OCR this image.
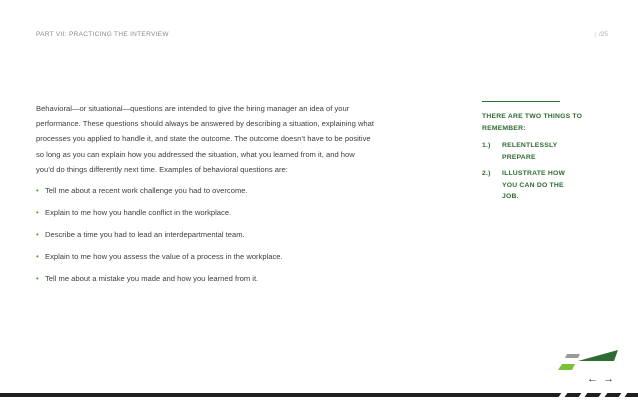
PART VII: PRACTICING THE INTERVIEW	| /25

Behavioral—or situational—questions are intended to give the hiring manager an idea of your performance. These questions should always be answered by describing a situation, explaining what processes you applied to handle it, and state the outcome. The outcome doesn’t have to be positive so long as you can explain how you addressed the situation, what you learned from it, and how you’d do things differently next time. Examples of behavioral questions are:

• Tell me about a recent work challenge you had to overcome.
• Explain to me how you handle conflict in the workplace.
• Describe a time you had to lead an interdepartmental team.
• Explain to me how you assess the value of a process in the workplace.
• Tell me about a mistake you made and how you learned from it.
THERE ARE TWO THINGS TO REMEMBER:
1.)	RELENTLESSLY PREPARE
2.)	ILLUSTRATE HOW YOU CAN DO THE JOB.
← →
